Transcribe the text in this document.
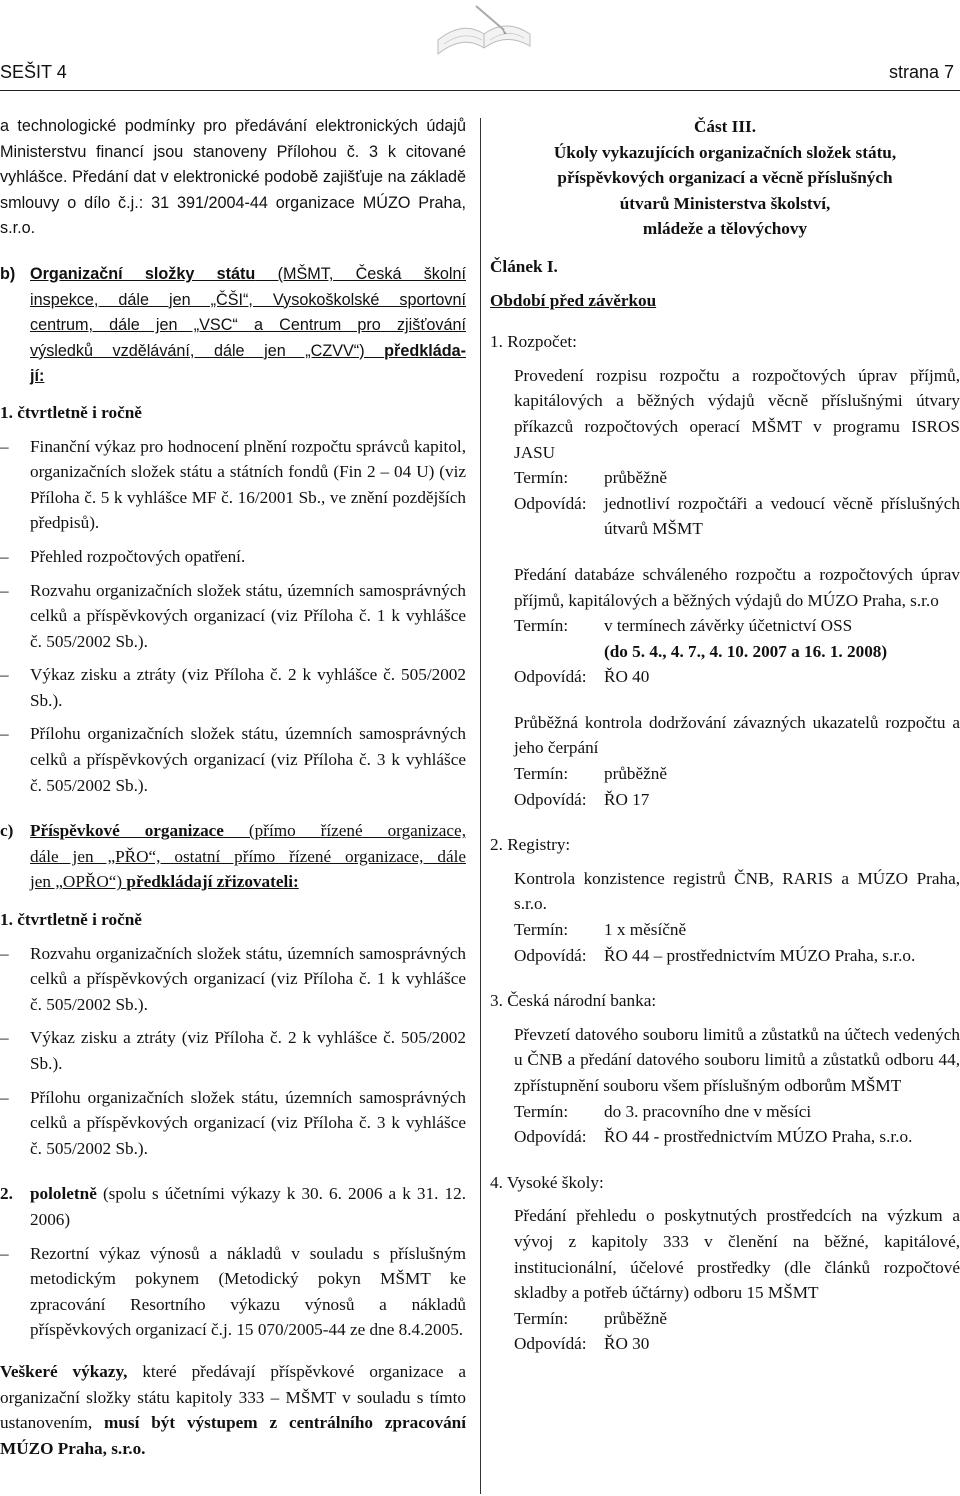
SEŠIT 4	strana 7

a technologické podmínky pro předávání elektronických údajů Ministerstvu financí jsou stanoveny Přílohou č. 3 k citované vyhlášce. Předání dat v elektronické podobě zajišťuje na základě smlouvy o dílo č.j.: 31 391/2004-44 organizace MÚZO Praha, s.r.o.

b) Organizační složky státu (MŠMT, Česká školní
inspekce, dále jen „ČŠI“, Vysokoškolské sportovní
centrum, dále jen „VSC“ a Centrum pro zjišťování
výsledků vzdělávání, dále jen „CZVV“) předkláda-
jí:
1. čtvrtletně i ročně
–	Finanční výkaz pro hodnocení plnění rozpočtu správců kapitol, organizačních složek státu a státních fondů (Fin 2 – 04 U) (viz Příloha č. 5 k vyhlášce MF č. 16/2001 Sb., ve znění pozdějších předpisů).
–	Přehled rozpočtových opatření.
–	Rozvahu organizačních složek státu, územních samosprávných celků a příspěvkových organizací (viz Příloha č. 1 k vyhlášce č. 505/2002 Sb.).
–	Výkaz zisku a ztráty (viz Příloha č. 2 k vyhlášce č. 505/2002 Sb.).
–	Přílohu organizačních složek státu, územních samosprávných celků a příspěvkových organizací (viz Příloha č. 3 k vyhlášce č. 505/2002 Sb.).
c) Příspěvkové organizace (přímo řízené organizace,
dále jen „PŘO“, ostatní přímo řízené organizace, dále
jen „OPŘO“) předkládají zřizovateli:
1. čtvrtletně i ročně
–	Rozvahu organizačních složek státu, územních samosprávných celků a příspěvkových organizací (viz Příloha č. 1 k vyhlášce č. 505/2002 Sb.).
–	Výkaz zisku a ztráty (viz Příloha č. 2 k vyhlášce č. 505/2002 Sb.).
–	Přílohu organizačních složek státu, územních samosprávných celků a příspěvkových organizací (viz Příloha č. 3 k vyhlášce č. 505/2002 Sb.).
2. pololetně (spolu s účetními výkazy k 30. 6. 2006 a k 31. 12. 2006)
–	Rezortní výkaz výnosů a nákladů v souladu s příslušným metodickým pokynem (Metodický pokyn MŠMT ke zpracování Resortního výkazu výnosů a nákladů příspěvkových organizací č.j. 15 070/2005-44 ze dne 8.4.2005.

Veškeré výkazy, které předávají příspěvkové organizace a organizační složky státu kapitoly 333 – MŠMT v souladu s tímto ustanovením, musí být výstupem z centrálního zpracování MÚZO Praha, s.r.o.

Část III.
Úkoly vykazujících organizačních složek státu,
příspěvkových organizací a věcně příslušných
útvarů Ministerstva školství,
mládeže a tělovýchovy
Článek I.
Období před závěrkou
1. Rozpočet:

Provedení rozpisu rozpočtu a rozpočtových úprav příjmů, kapitálových a běžných výdajů věcně příslušnými útvary příkazců rozpočtových operací MŠMT v programu ISROS JASU

Termín:	průběžně
Odpovídá:	jednotliví rozpočtáři a vedoucí věcně příslušných útvarů MŠMT

Předání databáze schváleného rozpočtu a rozpočtových úprav příjmů, kapitálových a běžných výdajů do MÚZO Praha, s.r.o

Termín:	v termínech závěrky účetnictví OSS
(do 5. 4., 4. 7., 4. 10. 2007 a 16. 1. 2008)
Odpovídá:	ŘO 40

Průběžná kontrola dodržování závazných ukazatelů rozpočtu a jeho čerpání

Termín:	průběžně
Odpovídá:	ŘO 17
2. Registry:

Kontrola konzistence registrů ČNB, RARIS a MÚZO Praha, s.r.o.

Termín:	1 x měsíčně
Odpovídá:	ŘO 44 – prostřednictvím MÚZO Praha, s.r.o.
3. Česká národní banka:

Převzetí datového souboru limitů a zůstatků na účtech vedených u ČNB a předání datového souboru limitů a zůstatků odboru 44, zpřístupnění souboru všem příslušným odborům MŠMT

Termín:	do 3. pracovního dne v měsíci
Odpovídá:	ŘO 44 - prostřednictvím MÚZO Praha, s.r.o.
4. Vysoké školy:

Předání přehledu o poskytnutých prostředcích na výzkum a vývoj z kapitoly 333 v členění na běžné, kapitálové, institucionální, účelové prostředky (dle článků rozpočtové skladby a potřeb účtárny) odboru 15 MŠMT

Termín:	průběžně
Odpovídá:	ŘO 30
